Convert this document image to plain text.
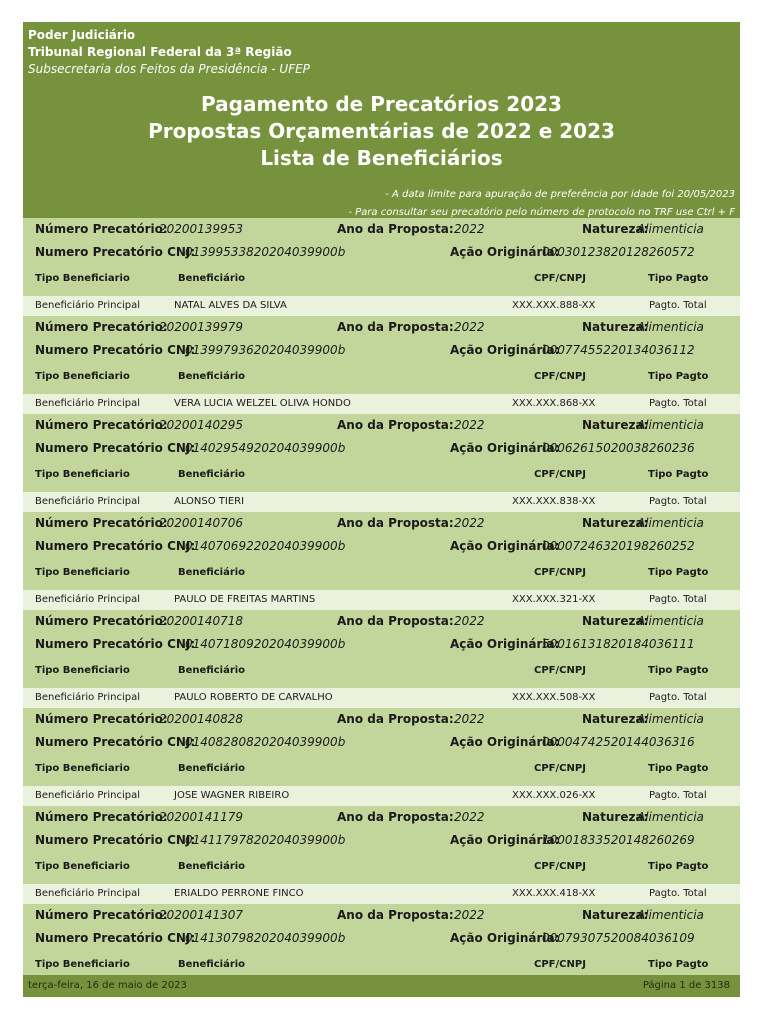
Poder Judiciário
Tribunal Regional Federal da 3ª Região
Subsecretaria dos Feitos da Presidência - UFEP
Pagamento de Precatórios 2023
Propostas Orçamentárias de 2022 e 2023
Lista de Beneficiários
- A data limite para apuração de preferência por idade foi 20/05/2023
- Para consultar seu precatório pelo número de protocolo no TRF use Ctrl + F
Número Precatório:
20200139953	Ano da Proposta: 2022	Natureza:
Alimenticia
Numero Precatório CNJ:
01399533820204039900b	Ação Originária:
00030123820128260572
Tipo Beneficiario	Beneficiário	CPF/CNPJ	Tipo Pagto
Beneficiário Principal	NATAL ALVES DA SILVA	XXX.XXX.888-XX	Pagto. Total
Número Precatório:
20200139979	Ano da Proposta: 2022	Natureza:
Alimenticia
Numero Precatório CNJ:
01399793620204039900b	Ação Originária:
00077455220134036112
Tipo Beneficiario	Beneficiário	CPF/CNPJ	Tipo Pagto
Beneficiário Principal	VERA LUCIA WELZEL OLIVA HONDO	XXX.XXX.868-XX	Pagto. Total
Número Precatório:
20200140295	Ano da Proposta: 2022	Natureza:
Alimenticia
Numero Precatório CNJ:
01402954920204039900b	Ação Originária:
00062615020038260236
Tipo Beneficiario	Beneficiário	CPF/CNPJ	Tipo Pagto
Beneficiário Principal	ALONSO TIERI	XXX.XXX.838-XX	Pagto. Total
Número Precatório:
20200140706	Ano da Proposta: 2022	Natureza:
Alimenticia
Numero Precatório CNJ:
01407069220204039900b	Ação Originária:
00007246320198260252
Tipo Beneficiario	Beneficiário	CPF/CNPJ	Tipo Pagto
Beneficiário Principal	PAULO DE FREITAS MARTINS	XXX.XXX.321-XX	Pagto. Total
Número Precatório:
20200140718	Ano da Proposta: 2022	Natureza:
Alimenticia
Numero Precatório CNJ:
01407180920204039900b	Ação Originária:
50016131820184036111
Tipo Beneficiario	Beneficiário	CPF/CNPJ	Tipo Pagto
Beneficiário Principal	PAULO ROBERTO DE CARVALHO	XXX.XXX.508-XX	Pagto. Total
Número Precatório:
20200140828	Ano da Proposta: 2022	Natureza:
Alimenticia
Numero Precatório CNJ:
01408280820204039900b	Ação Originária:
00004742520144036316
Tipo Beneficiario	Beneficiário	CPF/CNPJ	Tipo Pagto
Beneficiário Principal	JOSE WAGNER RIBEIRO	XXX.XXX.026-XX	Pagto. Total
Número Precatório:
20200141179	Ano da Proposta: 2022	Natureza:
Alimenticia
Numero Precatório CNJ:
01411797820204039900b	Ação Originária:
10001833520148260269
Tipo Beneficiario	Beneficiário	CPF/CNPJ	Tipo Pagto
Beneficiário Principal	ERIALDO PERRONE FINCO	XXX.XXX.418-XX	Pagto. Total
Número Precatório:
20200141307	Ano da Proposta: 2022	Natureza:
Alimenticia
Numero Precatório CNJ:
01413079820204039900b	Ação Originária:
00079307520084036109
Tipo Beneficiario	Beneficiário	CPF/CNPJ	Tipo Pagto
terça-feira, 16 de maio de 2023	Página 1 de 3138
